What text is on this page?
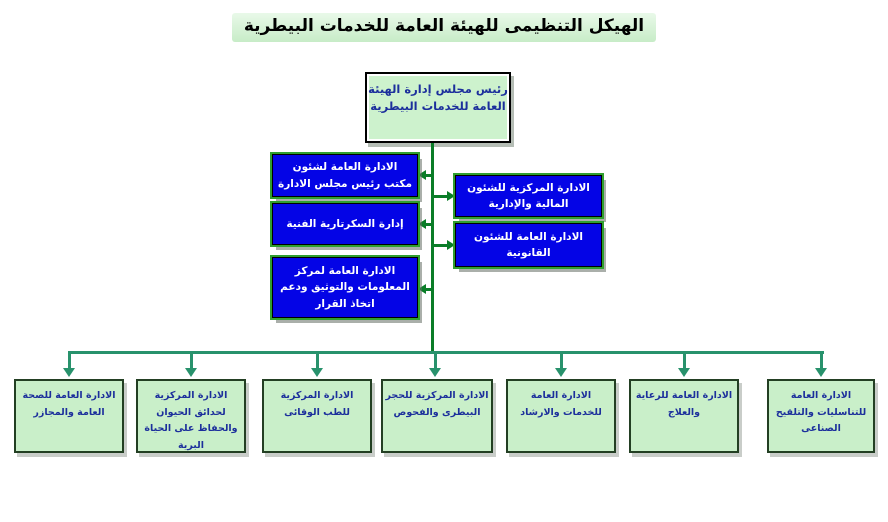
الهيكل التنظيمى للهيئة العامة للخدمات البيطرية
رئيس مجلس إدارة الهيئة العامة للخدمات البيطرية
الادارة العامة لشئون مكتب رئيس مجلس الادارة
إدارة السكرتارية الفنية
الادارة العامة لمركز المعلومات والتوثيق ودعم اتخاذ القرار
الادارة المركزية للشئون المالية والإدارية
الادارة العامة للشئون القانونية
الادارة العامة للصحة العامة والمجازر
الادارة المركزية لحدائق الحيوان والحفاظ على الحياة البرية
الادارة المركزية للطب الوقائى
الادارة المركزية للحجر البيطرى والفحوص
الادارة العامة للخدمات والارشاد
الادارة العامة للرعاية والعلاج
الادارة العامة للتناسليات والتلقيح الصناعى
